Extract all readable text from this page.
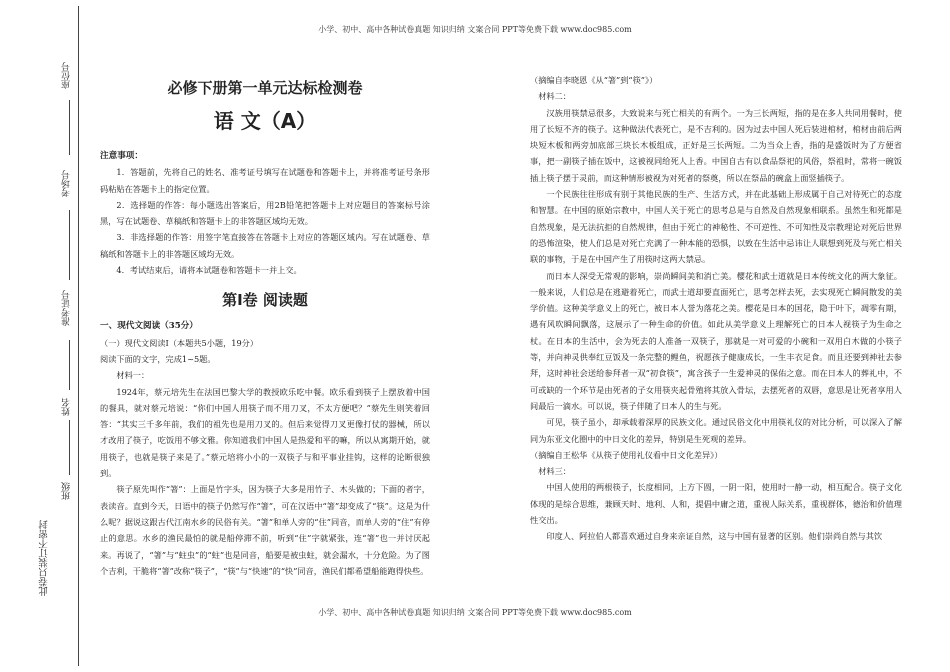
小学、初中、高中各种试卷真题 知识归纳 文案合同 PPT等免费下载 www.doc985.com
座位号
考场号
准考证号
姓名
班级
此卷只装订不密封
必修下册第一单元达标检测卷
语 文（A）

注意事项：

1．答题前，先将自己的姓名、准考证号填写在试题卷和答题卡上，并将准考证号条形码粘贴在答题卡上的指定位置。

2．选择题的作答：每小题选出答案后，用2B铅笔把答题卡上对应题目的答案标号涂黑，写在试题卷、草稿纸和答题卡上的非答题区域均无效。

3．非选择题的作答：用签字笔直接答在答题卡上对应的答题区域内。写在试题卷、草稿纸和答题卡上的非答题区域均无效。

4．考试结束后，请将本试题卷和答题卡一并上交。

第Ⅰ卷 阅读题

一、现代文阅读（35分）

（一）现代文阅读Ⅰ（本题共5小题，19分）

阅读下面的文字，完成1~5题。

材料一：

1924年，蔡元培先生在法国巴黎大学的教授欧乐吃中餐。欧乐看到筷子上摆放着中国的餐具，就对蔡元培说：“你们中国人用筷子而不用刀叉，不太方便吧？”蔡先生则笑着回答：“其实三千多年前，我们的祖先也是用刀叉的。但后来觉得刀叉更像打仗的器械，所以才改用了筷子，吃饭用不够文雅。你知道我们中国人是热爱和平的嘛，所以从寓期开始，就用筷子，也就是筷子来是了。”蔡元培将小小的一双筷子与和平事业挂钩，这样的论断很独到。

筷子原先叫作“箸”：上面是竹字头，因为筷子大多是用竹子、木头做的；下面的者字，表读音。直到今天，日语中的筷子仍然写作“箸”，可在汉语中“箸”却变成了“筷”。这是为什么呢？据说这跟古代江南水乡的民俗有关。“箸”和单人旁的“住”同音，而单人旁的“住”有停止的意思。水乡的渔民最怕的就是船停滞不前，听到“住”字就紧张，连“箸”也一并讨厌起来。再说了，“箸”与“蛀虫”的“蛀”也是同音，船要是被虫蛀，就会漏水，十分危险。为了图个吉利，干脆将“箸”改称“筷子”，“筷”与“快速”的“快”同音，渔民们都希望船能跑得快些。

（摘编自李晓恩《从“箸”到“筷”》）

材料二：

汉族用筷禁忌很多，大致说来与死亡相关的有两个。一为三长两短，指的是在多人共同用餐时，使用了长短不齐的筷子。这种做法代表死亡，是不吉利的。因为过去中国人死后装进棺材，棺材由前后两块短木板和两旁加底部三块长木板组成，正好是三长两短。二为当众上香，指的是盛饭时为了方便省事，把一副筷子插在饭中，这被视同给死人上香。中国自古有以食品祭祀的风俗，祭祖时，常将一碗饭插上筷子摆于灵前，而这种情形被视为对死者的祭奠，所以在祭品的碗盒上面竖插筷子。

一个民族往往形成有别于其他民族的生产、生活方式，并在此基础上形成属于自己对待死亡的态度和智慧。在中国的原始宗教中，中国人关于死亡的思考总是与自然及自然现象相联系。虽然生和死都是自然现象，是无法抗拒的自然规律，但由于死亡的神秘性、不可逆性、不可知性及宗教理论对死后世界的恐怖渲染，使人们总是对死亡充满了一种本能的恐惧，以致在生活中忌讳让人联想到死及与死亡相关联的事物，于是在中国产生了用筷时这两大禁忌。

而日本人深受无常观的影响，崇尚瞬间美和消亡美。樱花和武士道就是日本传统文化的两大象征。一般来说，人们总是在逃避着死亡，而武士道却要直面死亡，思考怎样去死，去实现死亡瞬间散发的美学价值。这种美学意义上的死亡，被日本人誉为落花之美。樱花是日本的国花，隐于叶下，凋零有期，遇有风吹瞬间飘落，这展示了一种生命的价值。如此从美学意义上理解死亡的日本人视筷子为生命之杖。在日本的生活中，会为死去的人准备一双筷子，那就是一对可爱的小碗和一双用白木做的小筷子等，并向神灵供奉红豆饭及一条完整的鲤鱼，祝愿孩子健康成长，一生丰衣足食。而且还要到神社去参拜，这时神社会送给参拜者一双“初食筷”，寓含孩子一生爱神灵的保佑之意。而在日本人的葬礼中，不可或缺的一个环节是由死者的子女用筷夹起骨殖将其放入骨坛，去摆死者的双唇，意思是让死者享用人间最后一滴水。可以说，筷子伴随了日本人的生与死。

可见，筷子虽小，却承载着深厚的民族文化。通过民俗文化中用筷礼仪的对比分析，可以深入了解同为东亚文化圈中的中日文化的差异，特别是生死观的差异。

（摘编自王松华《从筷子使用礼仪看中日文化差异》）

材料三：

中国人使用的两根筷子，长度相同，上方下圆，一阴一阳，使用时一静一动，相互配合。筷子文化体现的是综合思维，兼顾天时、地利、人和，提倡中庸之道，重视人际关系，重视群体，德治和价值理性交出。

印度人、阿拉伯人都喜欢通过自身来亲证自然，这与中国有显著的区别。他们崇尚自然与其饮

小学、初中、高中各种试卷真题 知识归纳 文案合同 PPT等免费下载 www.doc985.com
